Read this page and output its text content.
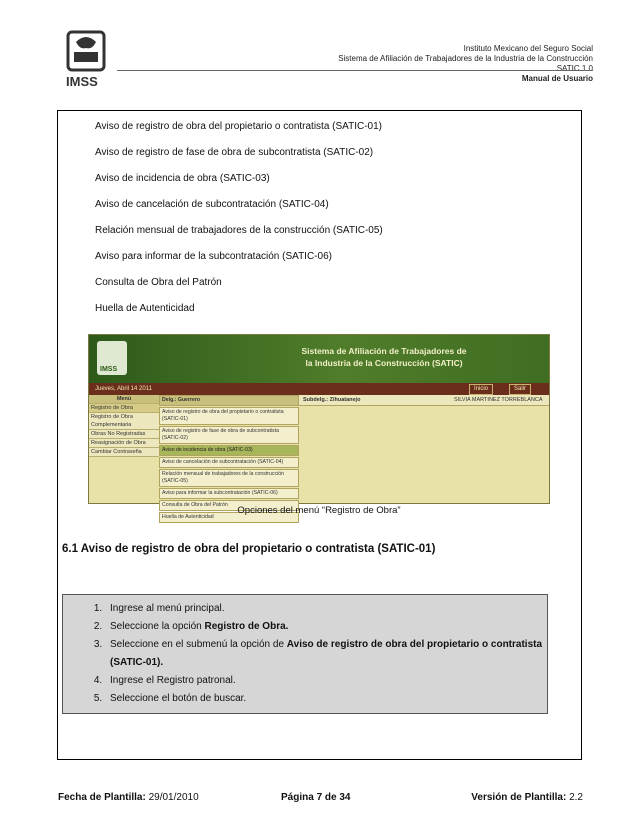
IMSS
Instituto Mexicano del Seguro Social
Sistema de Afiliación de Trabajadores de la Industria de la Construcción
SATIC 1.0
Manual de Usuario
Aviso de registro de obra del propietario o contratista (SATIC-01)
Aviso de registro de fase de obra de subcontratista (SATIC-02)
Aviso de incidencia de obra (SATIC-03)
Aviso de cancelación de subcontratación (SATIC-04)
Relación mensual de trabajadores de la construcción (SATIC-05)
Aviso para informar de la subcontratación (SATIC-06)
Consulta de Obra del Patrón
Huella de Autenticidad
IMSS
Sistema de Afiliación de Trabajadores de
la Industria de la Construcción (SATIC)
Jueves, Abril 14 2011	Inicio	Salir
Menú
Registro de Obra
Registro de Obra Complementaria
Obras No Registradas
Reasignación de Obra
Cambiar Contraseña
Delg.: Guerrero
Aviso de registro de obra del propietario o contratista (SATIC-01)
Aviso de registro de fase de obra de subcontratista (SATIC-02)
Aviso de incidencia de obra (SATIC-03)
Aviso de cancelación de subcontratación (SATIC-04)
Relación mensual de trabajadores de la construcción (SATIC-05)
Aviso para informar la subcontratación (SATIC-06)
Consulta de Obra del Patrón
Huella de Autenticidad
Subdelg.: Zihuatanejo	SILVIA MARTINEZ TORREBLANCA
Opciones del menú “Registro de Obra”
6.1 Aviso de registro de obra del propietario o contratista (SATIC-01)
1. Ingrese al menú principal.
2. Seleccione la opción Registro de Obra.
3. Seleccione en el submenú la opción de Aviso de registro de obra del propietario o contratista (SATIC-01).
4. Ingrese el Registro patronal.
5. Seleccione el botón de buscar.
Fecha de Plantilla: 29/01/2010	Página 7 de 34	Versión de Plantilla: 2.2
